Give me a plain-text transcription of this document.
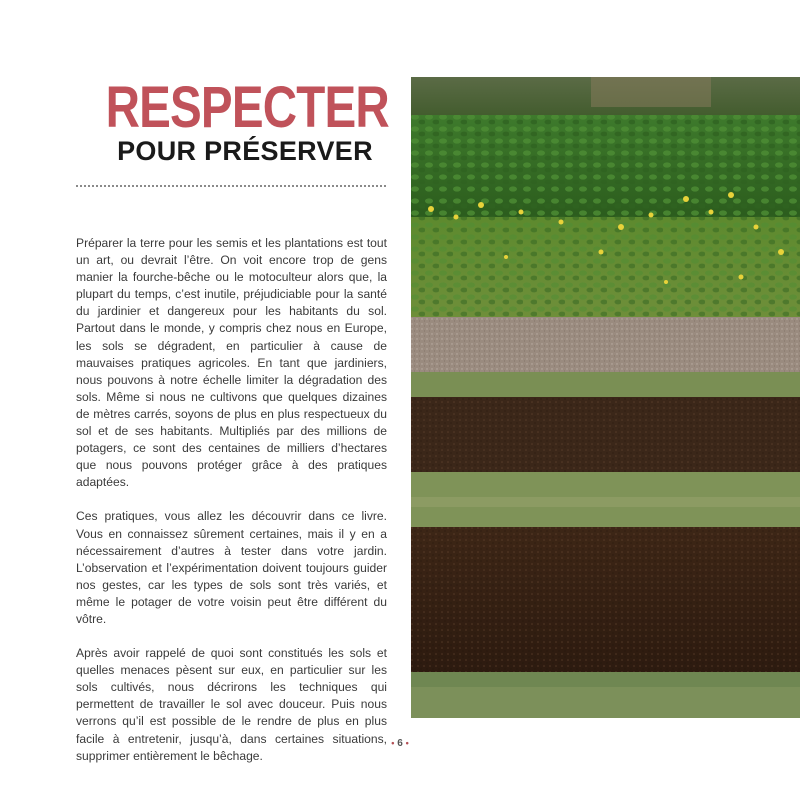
RESPECTER
POUR PRÉSERVER

Préparer la terre pour les semis et les plantations est tout un art, ou devrait l’être. On voit encore trop de gens manier la fourche-bêche ou le motoculteur alors que, la plupart du temps, c’est inutile, préjudiciable pour la santé du jardinier et dangereux pour les habitants du sol. Partout dans le monde, y compris chez nous en Europe, les sols se dégradent, en particulier à cause de mauvaises pratiques agricoles. En tant que jardiniers, nous pouvons à notre échelle limiter la dégradation des sols. Même si nous ne cultivons que quelques dizaines de mètres carrés, soyons de plus en plus respectueux du sol et de ses habitants. Multipliés par des millions de potagers, ce sont des centaines de milliers d’hectares que nous pouvons protéger grâce à des pratiques adaptées.

Ces pratiques, vous allez les découvrir dans ce livre. Vous en connaissez sûrement certaines, mais il y en a nécessairement d’autres à tester dans votre jardin. L’observation et l’expérimentation doivent toujours guider nos gestes, car les types de sols sont très variés, et même le potager de votre voisin peut être différent du vôtre.

Après avoir rappelé de quoi sont constitués les sols et quelles menaces pèsent sur eux, en particulier sur les sols cultivés, nous décrirons les techniques qui permettent de travailler le sol avec douceur. Puis nous verrons qu’il est possible de le rendre de plus en plus facile à entretenir, jusqu’à, dans certaines situations, supprimer entièrement le bêchage.

• 6 •
